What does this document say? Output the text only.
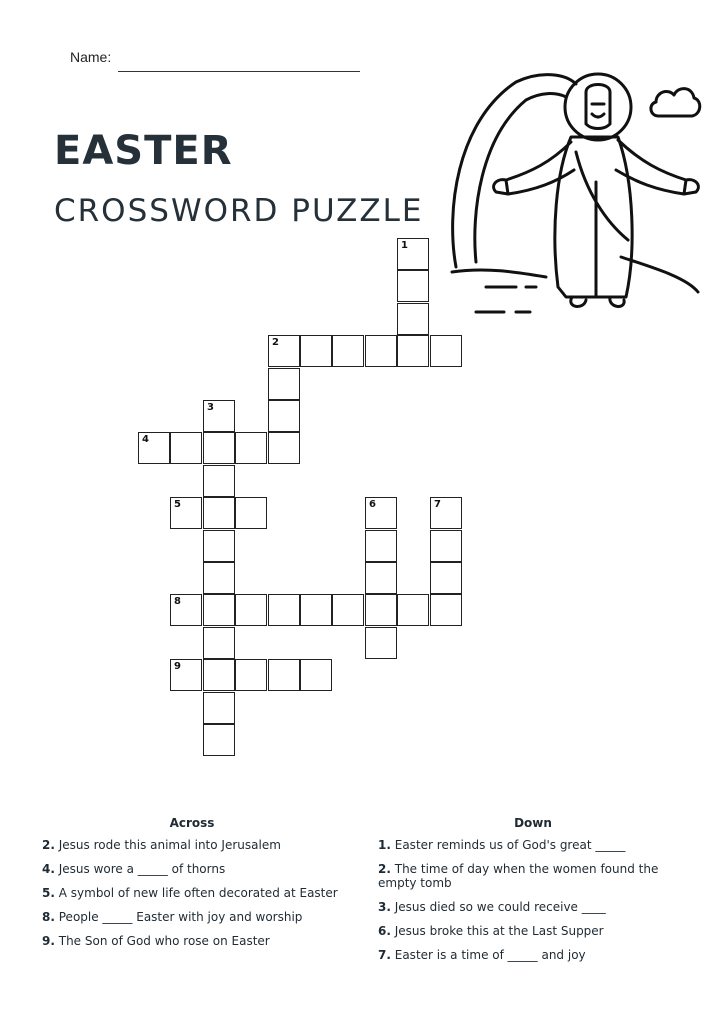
Name:
EASTER
CROSSWORD PUZZLE
1
2
3
4
5	6	7
8
9
Across
2. Jesus rode this animal into Jerusalem
4. Jesus wore a _____ of thorns
5. A symbol of new life often decorated at Easter
8. People _____ Easter with joy and worship
9. The Son of God who rose on Easter
Down
1. Easter reminds us of God's great _____
2. The time of day when the women found the empty tomb
3. Jesus died so we could receive ____
6. Jesus broke this at the Last Supper
7. Easter is a time of _____ and joy
